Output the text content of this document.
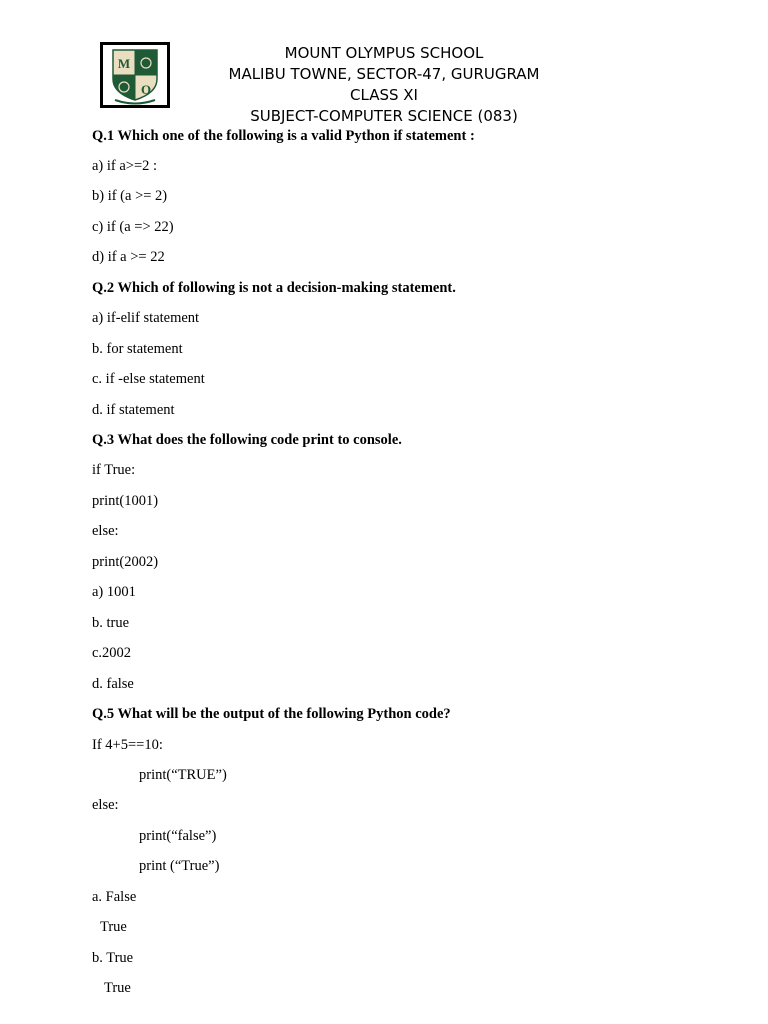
M
O
MOUNT OLYMPUS SCHOOL
MALIBU TOWNE, SECTOR-47, GURUGRAM
CLASS XI
SUBJECT-COMPUTER SCIENCE (083)
Q.1 Which one of the following is a valid Python if statement :
a) if a>=2 :
b) if (a >= 2)
c) if (a => 22)
d) if a >= 22
Q.2 Which of following is not a decision-making statement.
a) if-elif statement
b. for statement
c. if -else statement
d. if statement
Q.3 What does the following code print to console.
if True:
print(1001)
else:
print(2002)
a) 1001
b. true
c.2002
d. false
Q.5 What will be the output of the following Python code?
If 4+5==10:
print(“TRUE”)
else:
print(“false”)
print (“True”)
a. False
True
b. True
True
